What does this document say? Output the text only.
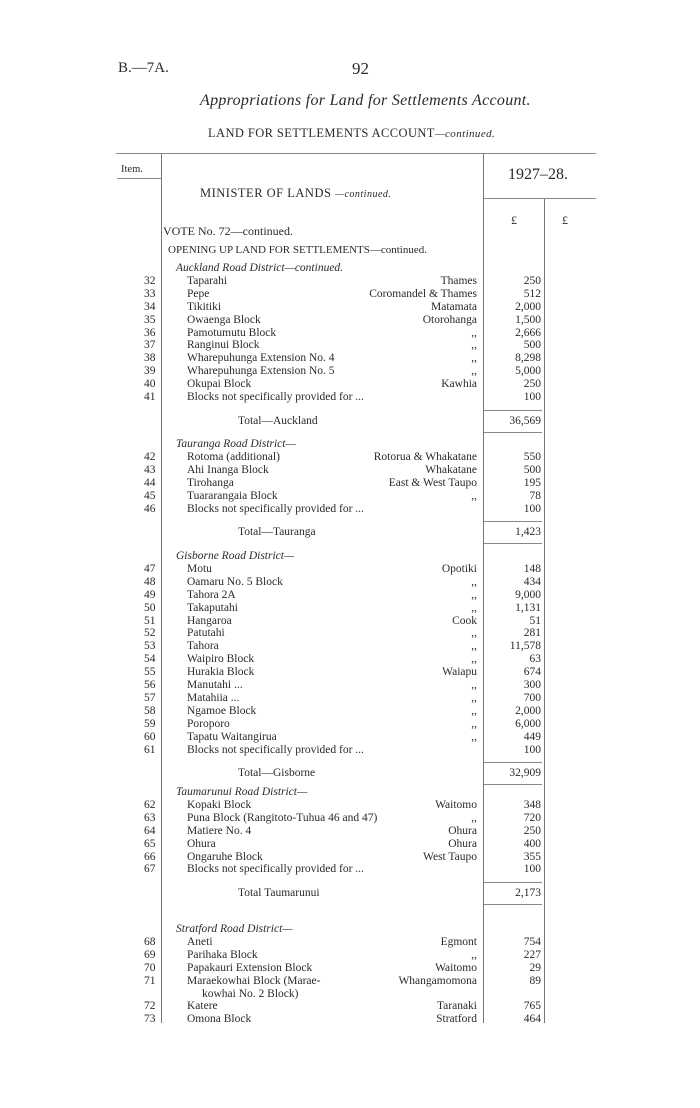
B.—7A.	92
Appropriations for Land for Settlements Account.
LAND FOR SETTLEMENTS ACCOUNT—continued.
Item.	1927–28.
MINISTER OF LANDS —continued.
£	£
VOTE No. 72—continued.
OPENING UP LAND FOR SETTLEMENTS—continued.
Auckland Road District—continued.
32	Taparahi	Thames	250
33	Pepe	Coromandel & Thames	512
34	Tikitiki	Matamata	2,000
35	Owaenga Block	Otorohanga	1,500
36	Pamotumutu Block	,,	2,666
37	Ranginui Block	,,	500
38	Wharepuhunga Extension No. 4	,,	8,298
39	Wharepuhunga Extension No. 5	,,	5,000
40	Okupai Block	Kawhia	250
41	Blocks not specifically provided for ...	100
Total—Auckland	36,569
Tauranga Road District—
42	Rotoma (additional)	Rotorua & Whakatane	550
43	Ahi Inanga Block	Whakatane	500
44	Tirohanga	East & West Taupo	195
45	Tuararangaia Block	,,	78
46	Blocks not specifically provided for ...	100
Total—Tauranga	1,423
Gisborne Road District—
47	Motu	Opotiki	148
48	Oamaru No. 5 Block	,,	434
49	Tahora 2A	,,	9,000
50	Takaputahi	,,	1,131
51	Hangaroa	Cook	51
52	Patutahi	,,	281
53	Tahora	,,	11,578
54	Waipiro Block	,,	63
55	Hurakia Block	Waiapu	674
56	Manutahi ...	,,	300
57	Matahiia ...	,,	700
58	Ngamoe Block	,,	2,000
59	Poroporo	,,	6,000
60	Tapatu Waitangirua	,,	449
61	Blocks not specifically provided for ...	100
Total—Gisborne	32,909
Taumarunui Road District—
62	Kopaki Block	Waitomo	348
63	Puna Block (Rangitoto-Tuhua 46 and 47)	,,	720
64	Matiere No. 4	Ohura	250
65	Ohura	Ohura	400
66	Ongaruhe Block	West Taupo	355
67	Blocks not specifically provided for ...	100
Total Taumarunui	2,173
Stratford Road District—
68	Aneti	Egmont	754
69	Parihaka Block	,,	227
70	Papakauri Extension Block	Waitomo	29
71	Maraekowhai Block (Marae-	Whangamomona	89
kowhai No. 2 Block)
72	Katere	Taranaki	765
73	Omona Block	Stratford	464
